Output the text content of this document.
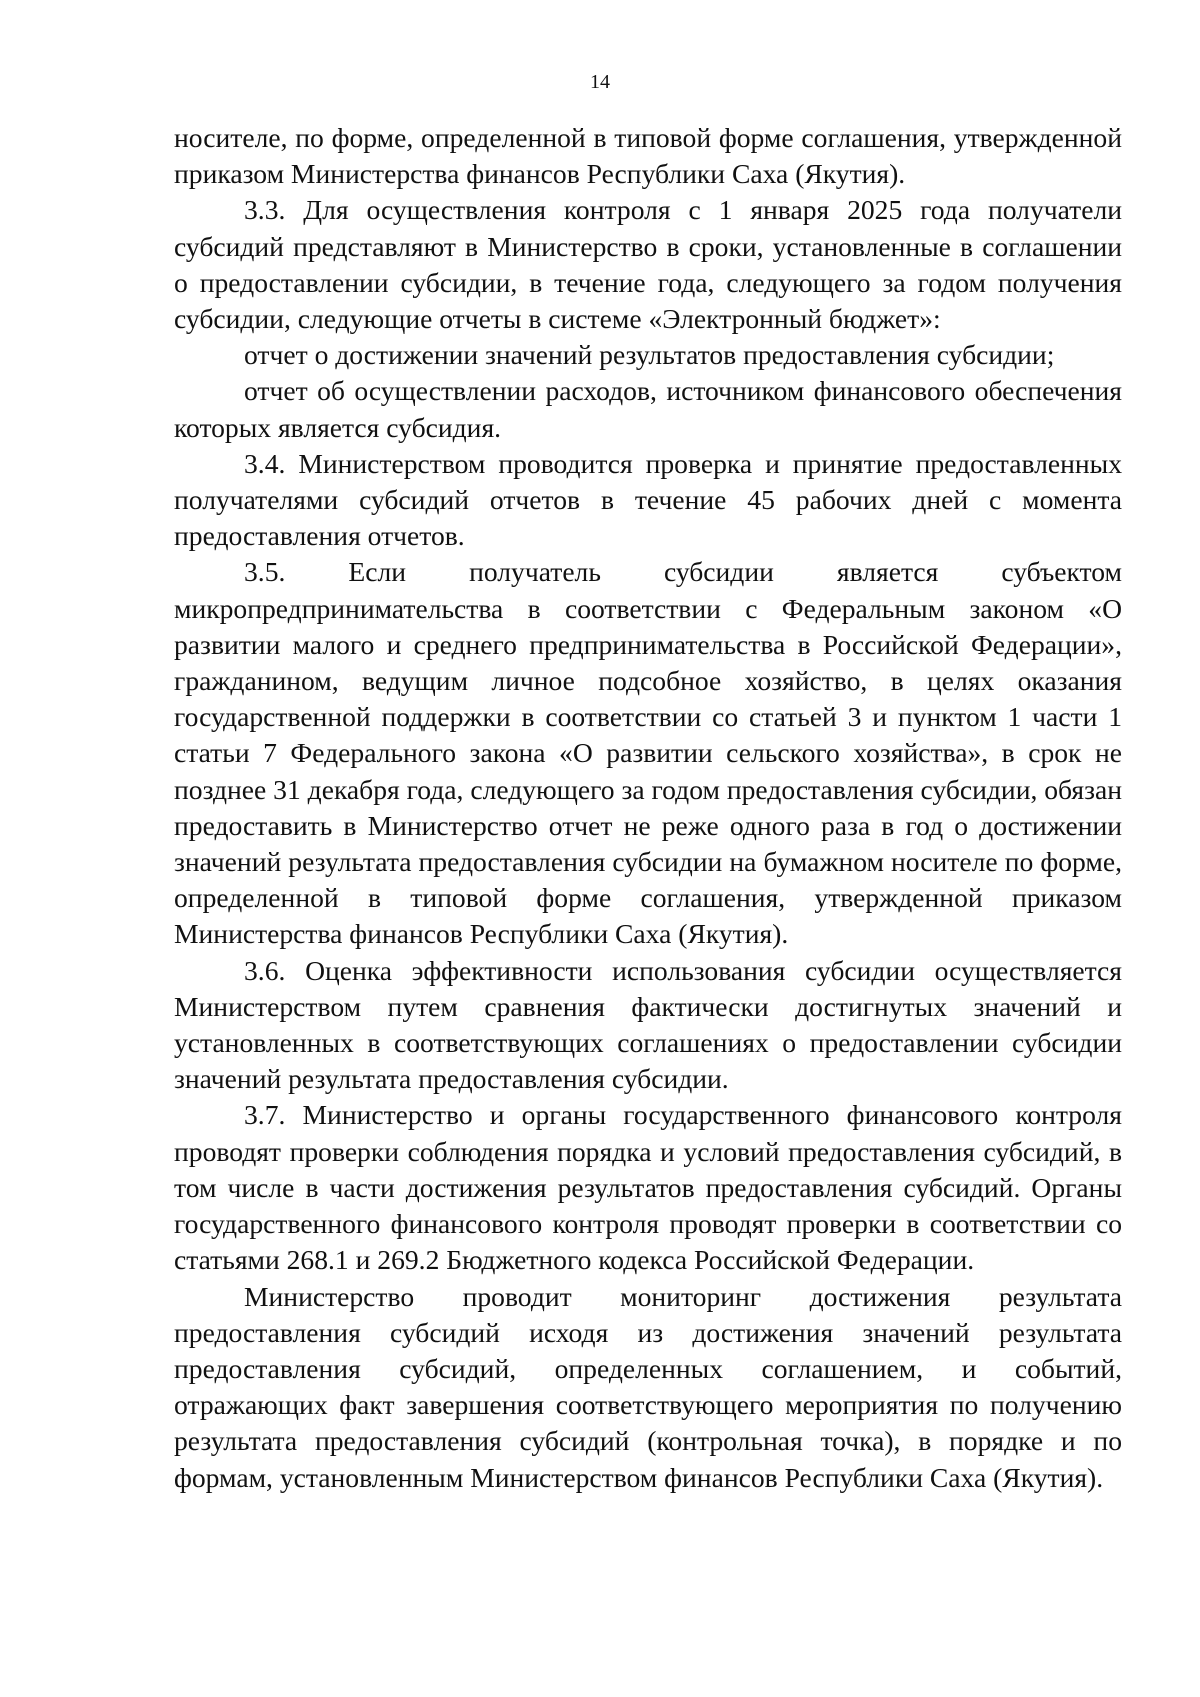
14

носителе, по форме, определенной в типовой форме соглашения, утвержденной приказом Министерства финансов Республики Саха (Якутия).

3.3. Для осуществления контроля с 1 января 2025 года получатели субсидий представляют в Министерство в сроки, установленные в соглашении о предоставлении субсидии, в течение года, следующего за годом получения субсидии, следующие отчеты в системе «Электронный бюджет»:

отчет о достижении значений результатов предоставления субсидии;

отчет об осуществлении расходов, источником финансового обеспечения которых является субсидия.

3.4. Министерством проводится проверка и принятие предоставленных получателями субсидий отчетов в течение 45 рабочих дней с момента предоставления отчетов.

3.5. Если получатель субсидии является субъектом микропредпринимательства в соответствии с Федеральным законом «О развитии малого и среднего предпринимательства в Российской Федерации», гражданином, ведущим личное подсобное хозяйство, в целях оказания государственной поддержки в соответствии со статьей 3 и пунктом 1 части 1 статьи 7 Федерального закона «О развитии сельского хозяйства», в срок не позднее 31 декабря года, следующего за годом предоставления субсидии, обязан предоставить в Министерство отчет не реже одного раза в год о достижении значений результата предоставления субсидии на бумажном носителе по форме, определенной в типовой форме соглашения, утвержденной приказом Министерства финансов Республики Саха (Якутия).

3.6. Оценка эффективности использования субсидии осуществляется Министерством путем сравнения фактически достигнутых значений и установленных в соответствующих соглашениях о предоставлении субсидии значений результата предоставления субсидии.

3.7. Министерство и органы государственного финансового контроля проводят проверки соблюдения порядка и условий предоставления субсидий, в том числе в части достижения результатов предоставления субсидий. Органы государственного финансового контроля проводят проверки в соответствии со статьями 268.1 и 269.2 Бюджетного кодекса Российской Федерации.

Министерство проводит мониторинг достижения результата предоставления субсидий исходя из достижения значений результата предоставления субсидий, определенных соглашением, и событий, отражающих факт завершения соответствующего мероприятия по получению результата предоставления субсидий (контрольная точка), в порядке и по формам, установленным Министерством финансов Республики Саха (Якутия).
